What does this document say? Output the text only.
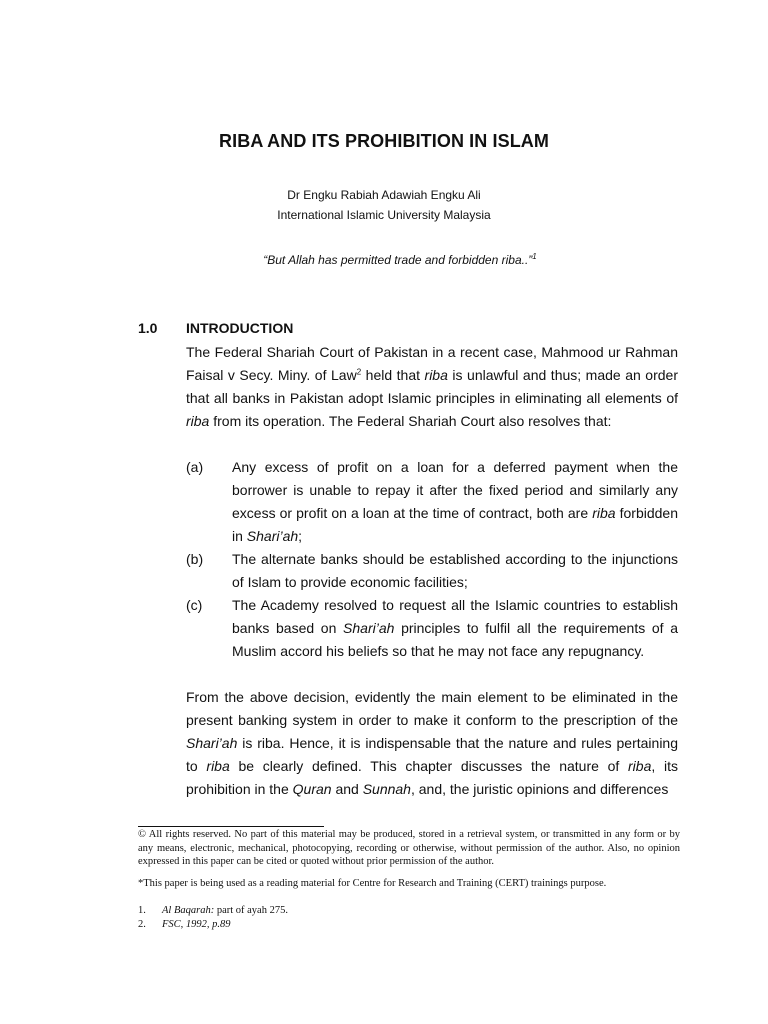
RIBA AND ITS PROHIBITION IN ISLAM
Dr Engku Rabiah Adawiah Engku Ali
International Islamic University Malaysia
“But Allah has permitted trade and forbidden riba..”$^1$
1.0 INTRODUCTION
The Federal Shariah Court of Pakistan in a recent case, Mahmood ur Rahman Faisal v Secy. Miny. of Law$^2$ held that riba is unlawful and thus; made an order that all banks in Pakistan adopt Islamic principles in eliminating all elements of riba from its operation. The Federal Shariah Court also resolves that:
(a)	Any excess of profit on a loan for a deferred payment when the borrower is unable to repay it after the fixed period and similarly any excess or profit on a loan at the time of contract, both are riba forbidden in Shari’ah;
(b)	The alternate banks should be established according to the injunctions of Islam to provide economic facilities;
(c)	The Academy resolved to request all the Islamic countries to establish banks based on Shari’ah principles to fulfil all the requirements of a Muslim accord his beliefs so that he may not face any repugnancy.
From the above decision, evidently the main element to be eliminated in the present banking system in order to make it conform to the prescription of the Shari’ah is riba. Hence, it is indispensable that the nature and rules pertaining to riba be clearly defined. This chapter discusses the nature of riba, its prohibition in the Quran and Sunnah, and, the juristic opinions and differences
© All rights reserved. No part of this material may be produced, stored in a retrieval system, or transmitted in any form or by any means, electronic, mechanical, photocopying, recording or otherwise, without permission of the author. Also, no opinion expressed in this paper can be cited or quoted without prior permission of the author.
*This paper is being used as a reading material for Centre for Research and Training (CERT) trainings purpose.
1.	Al Baqarah: part of ayah 275.
2.	FSC, 1992, p.89
